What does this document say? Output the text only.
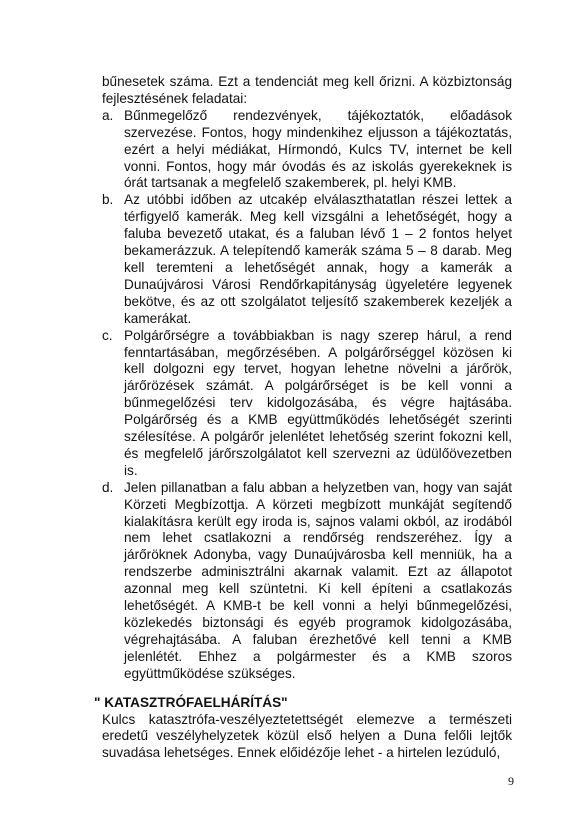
bűnesetek száma. Ezt a tendenciát meg kell őrizni. A közbiztonság fejlesztésének feladatai:

a. Bűnmegelőző rendezvények, tájékoztatók, előadások szervezése. Fontos, hogy mindenkihez eljusson a tájékoztatás, ezért a helyi médiákat, Hírmondó, Kulcs TV, internet be kell vonni. Fontos, hogy már óvodás és az iskolás gyerekeknek is órát tartsanak a megfelelő szakemberek, pl. helyi KMB.
b. Az utóbbi időben az utcakép elválaszthatatlan részei lettek a térfigyelő kamerák. Meg kell vizsgálni a lehetőségét, hogy a faluba bevezető utakat, és a faluban lévő 1 – 2 fontos helyet bekamerázzuk. A telepítendő kamerák száma 5 – 8 darab. Meg kell teremteni a lehetőségét annak, hogy a kamerák a Dunaújvárosi Városi Rendőrkapitányság ügyeletére legyenek bekötve, és az ott szolgálatot teljesítő szakemberek kezeljék a kamerákat.
c. Polgárőrségre a továbbiakban is nagy szerep hárul, a rend fenntartásában, megőrzésében. A polgárőrséggel közösen ki kell dolgozni egy tervet, hogyan lehetne növelni a járőrök, járőrözések számát. A polgárőrséget is be kell vonni a bűnmegelőzési terv kidolgozásába, és végre hajtásába. Polgárőrség és a KMB együttműködés lehetőségét szerinti szélesítése. A polgárőr jelenlétet lehetőség szerint fokozni kell, és megfelelő járőrszolgálatot kell szervezni az üdülőövezetben is.
d. Jelen pillanatban a falu abban a helyzetben van, hogy van saját Körzeti Megbízottja. A körzeti megbízott munkáját segítendő kialakításra került egy iroda is, sajnos valami okból, az irodából nem lehet csatlakozni a rendőrség rendszeréhez. Így a járőröknek Adonyba, vagy Dunaújvárosba kell menniük, ha a rendszerbe adminisztrálni akarnak valamit. Ezt az állapotot azonnal meg kell szüntetni. Ki kell építeni a csatlakozás lehetőségét. A KMB-t be kell vonni a helyi bűnmegelőzési, közlekedés biztonsági és egyéb programok kidolgozásába, végrehajtásába. A faluban érezhetővé kell tenni a KMB jelenlétét. Ehhez a polgármester és a KMB szoros együttműködése szükséges.
" KATASZTRÓFAELHÁRÍTÁS"

Kulcs katasztrófa-veszélyeztetettségét elemezve a természeti eredetű veszélyhelyzetek közül első helyen a Duna felőli lejtők suvadása lehetséges. Ennek előidézője lehet - a hirtelen lezúduló,

9
